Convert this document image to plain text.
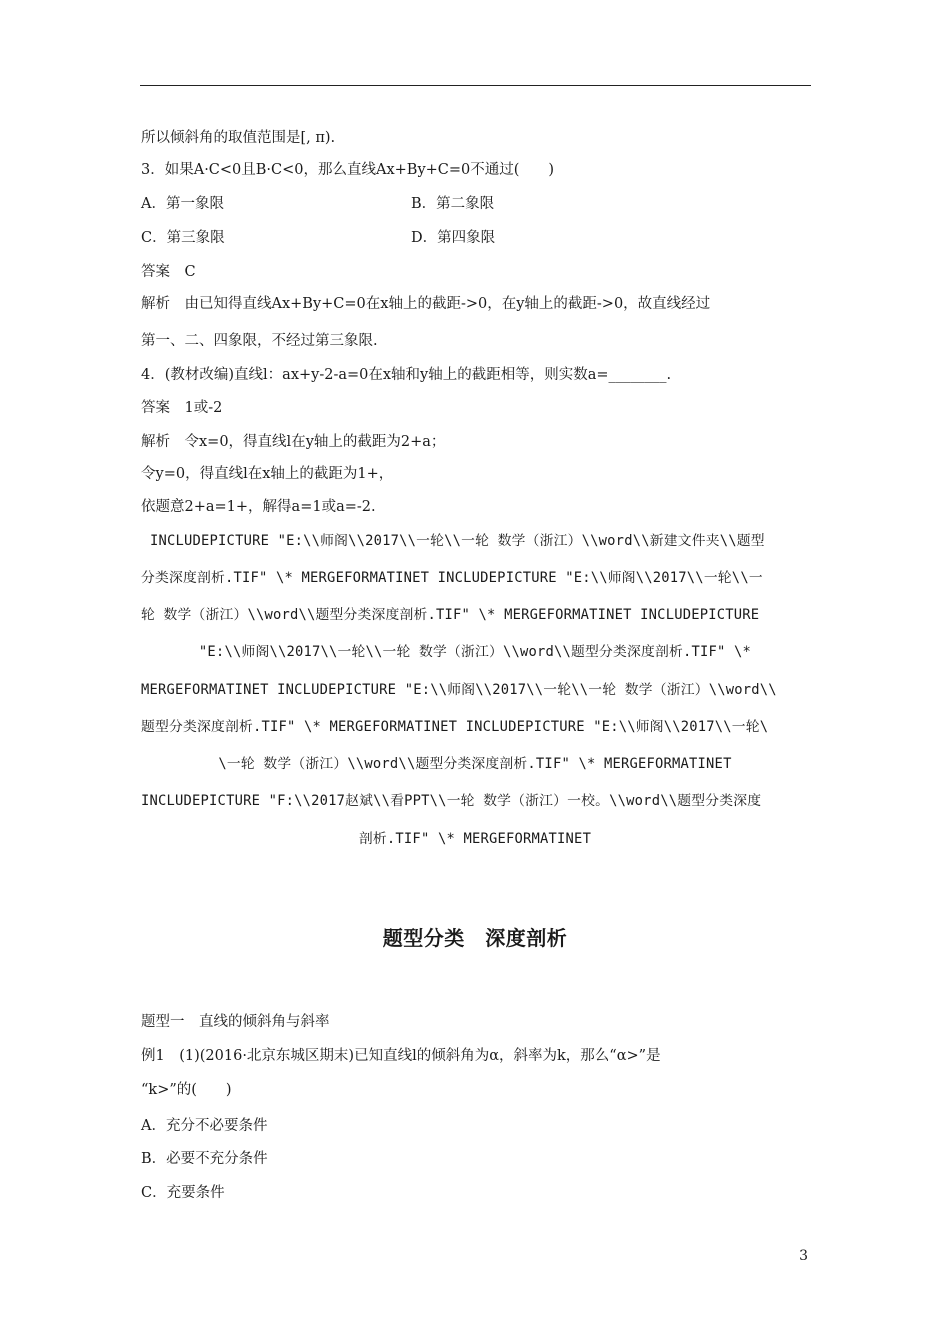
所以倾斜角的取值范围是[, π).
3．如果A·C<0且B·C<0，那么直线Ax+By+C=0不通过(　　)
A．第一象限	B．第二象限
C．第三象限	D．第四象限
答案　C
解析　由已知得直线Ax+By+C=0在x轴上的截距->0，在y轴上的截距->0，故直线经过
第一、二、四象限，不经过第三象限.
4．(教材改编)直线l：ax+y-2-a=0在x轴和y轴上的截距相等，则实数a=________.
答案　1或-2
解析　令x=0，得直线l在y轴上的截距为2+a；
令y=0，得直线l在x轴上的截距为1+，
依题意2+a=1+，解得a=1或a=-2.
INCLUDEPICTURE "E:\\师阁\\2017\\一轮\\一轮 数学（浙江）\\word\\新建文件夹\\题型
分类深度剖析.TIF" \* MERGEFORMATINET INCLUDEPICTURE "E:\\师阁\\2017\\一轮\\一
轮 数学（浙江）\\word\\题型分类深度剖析.TIF" \* MERGEFORMATINET INCLUDEPICTURE
"E:\\师阁\\2017\\一轮\\一轮 数学（浙江）\\word\\题型分类深度剖析.TIF" \*
MERGEFORMATINET INCLUDEPICTURE "E:\\师阁\\2017\\一轮\\一轮 数学（浙江）\\word\\
题型分类深度剖析.TIF" \* MERGEFORMATINET INCLUDEPICTURE "E:\\师阁\\2017\\一轮\
\一轮 数学（浙江）\\word\\题型分类深度剖析.TIF" \* MERGEFORMATINET
INCLUDEPICTURE "F:\\2017赵斌\\看PPT\\一轮 数学（浙江）一校。\\word\\题型分类深度
剖析.TIF" \* MERGEFORMATINET
题型一　直线的倾斜角与斜率
例1　(1)(2016·北京东城区期末)已知直线l的倾斜角为α，斜率为k，那么“α>”是
“k>”的(　　)
A．充分不必要条件
B．必要不充分条件
C．充要条件
题型分类　深度剖析
3
